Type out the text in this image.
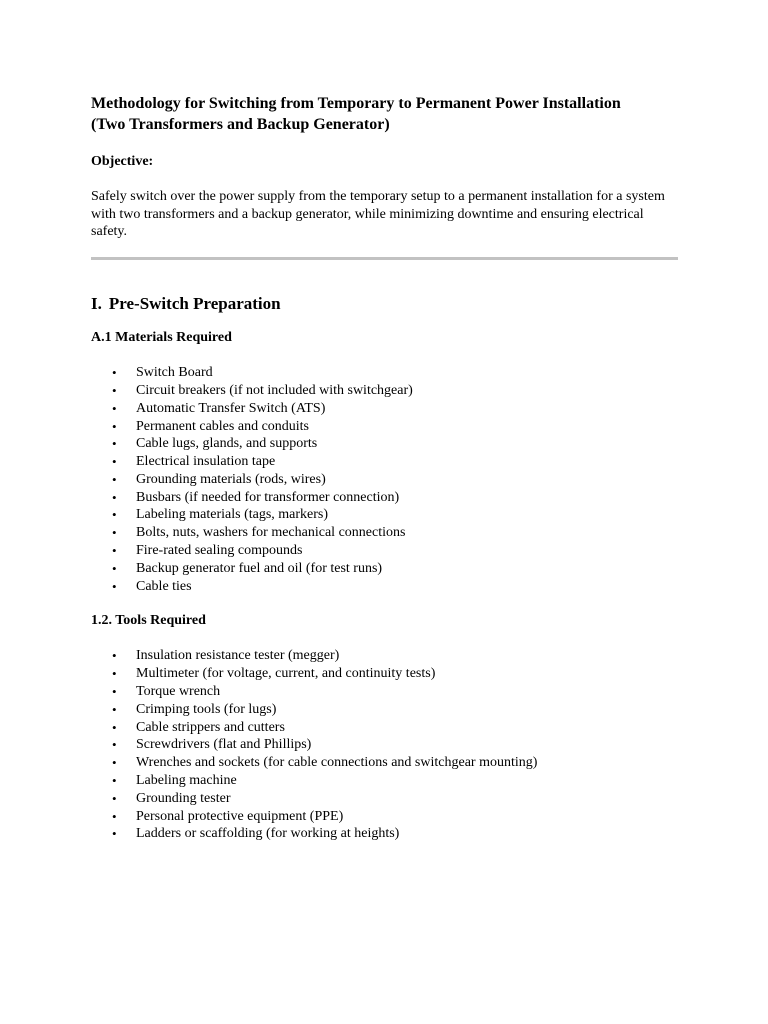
Methodology for Switching from Temporary to Permanent Power Installation
(Two Transformers and Backup Generator)

Objective:

Safely switch over the power supply from the temporary setup to a permanent installation for a system with two transformers and a backup generator, while minimizing downtime and ensuring electrical safety.

I. Pre-Switch Preparation

A.1 Materials Required

• Switch Board
• Circuit breakers (if not included with switchgear)
• Automatic Transfer Switch (ATS)
• Permanent cables and conduits
• Cable lugs, glands, and supports
• Electrical insulation tape
• Grounding materials (rods, wires)
• Busbars (if needed for transformer connection)
• Labeling materials (tags, markers)
• Bolts, nuts, washers for mechanical connections
• Fire-rated sealing compounds
• Backup generator fuel and oil (for test runs)
• Cable ties

1.2. Tools Required

• Insulation resistance tester (megger)
• Multimeter (for voltage, current, and continuity tests)
• Torque wrench
• Crimping tools (for lugs)
• Cable strippers and cutters
• Screwdrivers (flat and Phillips)
• Wrenches and sockets (for cable connections and switchgear mounting)
• Labeling machine
• Grounding tester
• Personal protective equipment (PPE)
• Ladders or scaffolding (for working at heights)
